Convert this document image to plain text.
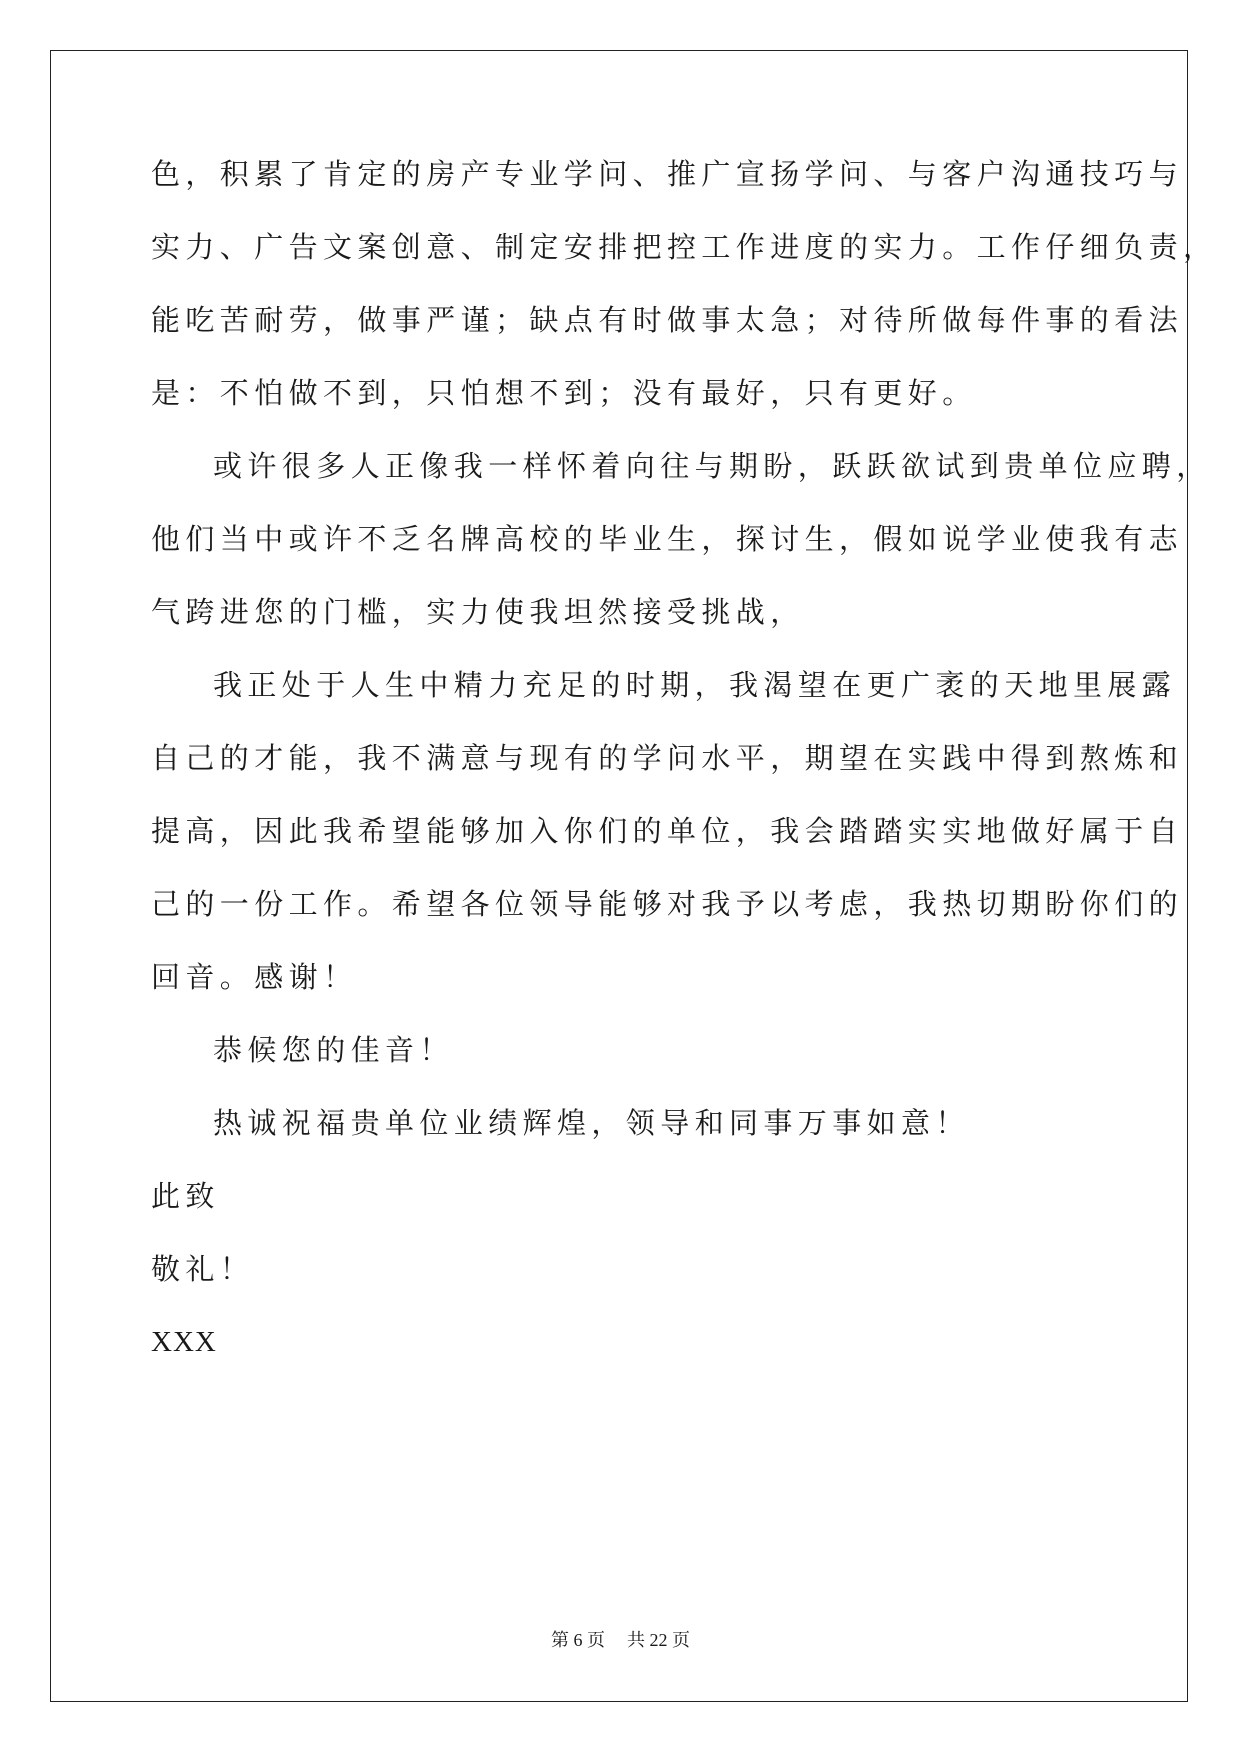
色，积累了肯定的房产专业学问、推广宣扬学问、与客户沟通技巧与
实力、广告文案创意、制定安排把控工作进度的实力。工作仔细负责，
能吃苦耐劳，做事严谨；缺点有时做事太急；对待所做每件事的看法
是：不怕做不到，只怕想不到；没有最好，只有更好。
或许很多人正像我一样怀着向往与期盼，跃跃欲试到贵单位应聘，
他们当中或许不乏名牌高校的毕业生，探讨生，假如说学业使我有志
气跨进您的门槛，实力使我坦然接受挑战，
我正处于人生中精力充足的时期，我渴望在更广袤的天地里展露
自己的才能，我不满意与现有的学问水平，期望在实践中得到熬炼和
提高，因此我希望能够加入你们的单位，我会踏踏实实地做好属于自
己的一份工作。希望各位领导能够对我予以考虑，我热切期盼你们的
回音。感谢！
恭候您的佳音！
热诚祝福贵单位业绩辉煌，领导和同事万事如意！
此致
敬礼！
XXX
第 6 页 共 22 页
